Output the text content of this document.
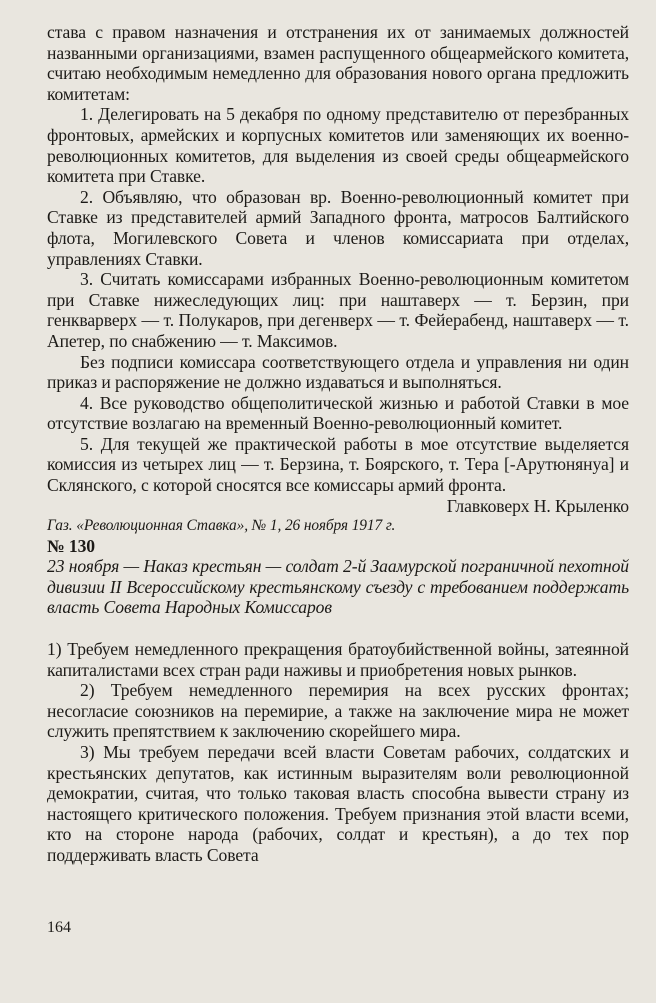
става с правом назначения и отстранения их от занимаемых должностей названными организациями, взамен распущенного общеармейского комитета, считаю необходимым немедленно для образования нового органа предложить комитетам:

1. Делегировать на 5 декабря по одному представителю от перезбранных фронтовых, армейских и корпусных комитетов или заменяющих их военно-революционных комитетов, для выделения из своей среды общеармейского комитета при Ставке.

2. Объявляю, что образован вр. Военно-революционный комитет при Ставке из представителей армий Западного фронта, матросов Балтийского флота, Могилевского Совета и членов комиссариата при отделах, управлениях Ставки.

3. Считать комиссарами избранных Военно-революционным комитетом при Ставке нижеследующих лиц: при наштаверх — т. Берзин, при генкварверх — т. Полукаров, при дегенверх — т. Фейерабенд, наштаверх — т. Апетер, по снабжению — т. Максимов.

Без подписи комиссара соответствующего отдела и управления ни один приказ и распоряжение не должно издаваться и выполняться.

4. Все руководство общеполитической жизнью и работой Ставки в мое отсутствие возлагаю на временный Военно-революционный комитет.

5. Для текущей же практической работы в мое отсутствие выделяется комиссия из четырех лиц — т. Берзина, т. Боярского, т. Тера [-Арутюнянуа] и Склянского, с которой сносятся все комиссары армий фронта.

Главковерх Н. Крыленко

Газ. «Революционная Ставка», № 1, 26 ноября 1917 г.

№ 130

23 ноября — Наказ крестьян — солдат 2-й Заамурской пограничной пехотной дивизии II Всероссийскому крестьянскому съезду с требованием поддержать власть Совета Народных Комиссаров

1) Требуем немедленного прекращения братоубийственной войны, затеянной капиталистами всех стран ради наживы и приобретения новых рынков.

2) Требуем немедленного перемирия на всех русских фронтах; несогласие союзников на перемирие, а также на заключение мира не может служить препятствием к заключению скорейшего мира.

3) Мы требуем передачи всей власти Советам рабочих, солдатских и крестьянских депутатов, как истинным выразителям воли революционной демократии, считая, что только таковая власть способна вывести страну из настоящего критического положения. Требуем признания этой власти всеми, кто на стороне народа (рабочих, солдат и крестьян), а до тех пор поддерживать власть Совета

164
